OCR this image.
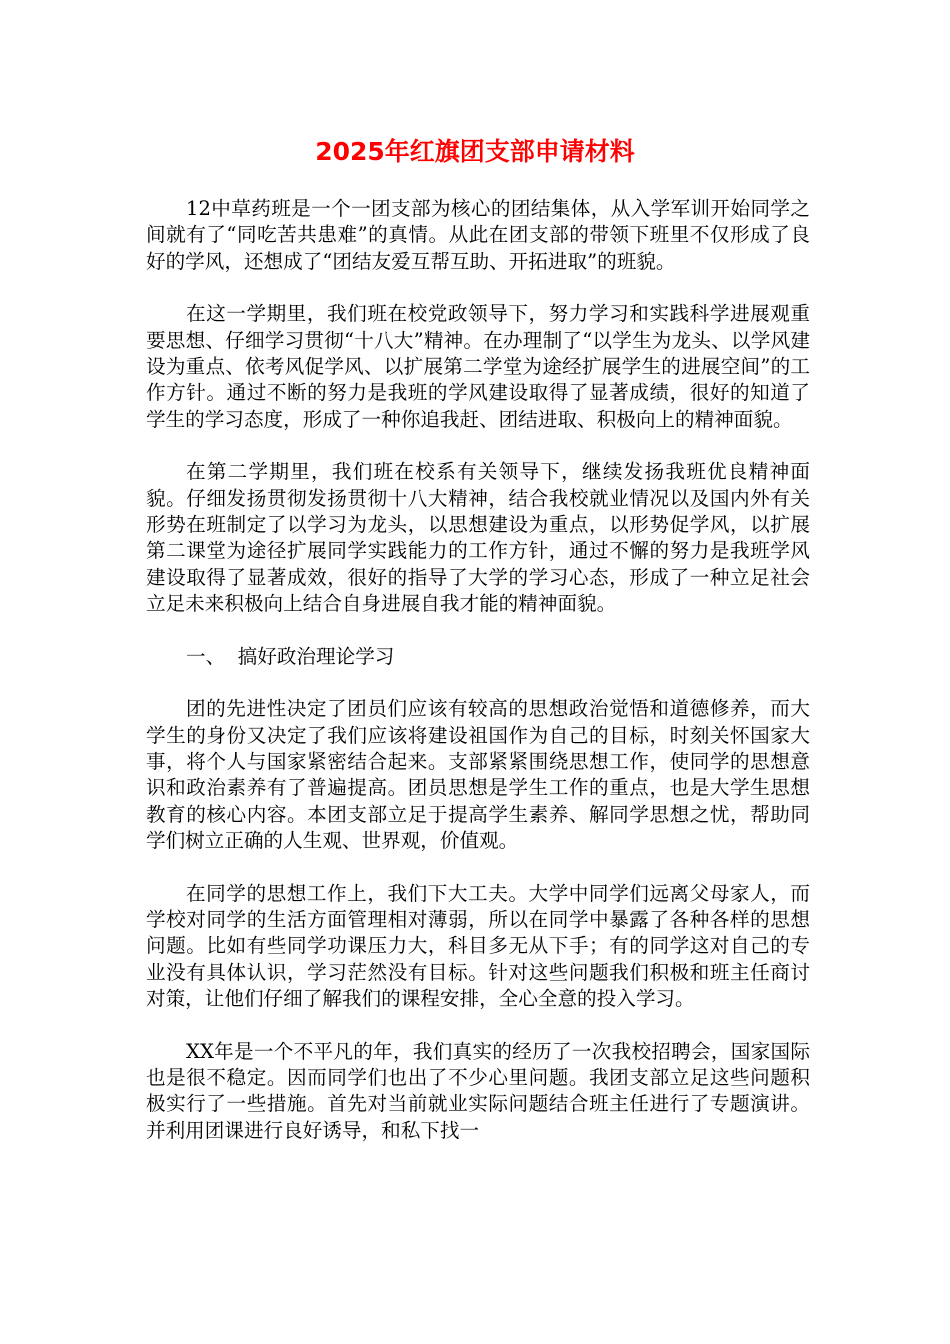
2025年红旗团支部申请材料

12中草药班是一个一团支部为核心的团结集体，从入学军训开始同学之间就有了“同吃苦共患难”的真情。从此在团支部的带领下班里不仅形成了良好的学风，还想成了“团结友爱互帮互助、开拓进取”的班貌。

在这一学期里，我们班在校党政领导下，努力学习和实践科学进展观重要思想、仔细学习贯彻“十八大”精神。在办理制了“以学生为龙头、以学风建设为重点、依考风促学风、以扩展第二学堂为途经扩展学生的进展空间”的工作方针。通过不断的努力是我班的学风建设取得了显著成绩，很好的知道了学生的学习态度，形成了一种你追我赶、团结进取、积极向上的精神面貌。

在第二学期里，我们班在校系有关领导下，继续发扬我班优良精神面貌。仔细发扬贯彻发扬贯彻十八大精神，结合我校就业情况以及国内外有关形势在班制定了以学习为龙头，以思想建设为重点，以形势促学风，以扩展第二课堂为途径扩展同学实践能力的工作方针，通过不懈的努力是我班学风建设取得了显著成效，很好的指导了大学的学习心态，形成了一种立足社会立足未来积极向上结合自身进展自我才能的精神面貌。

一、  搞好政治理论学习

团的先进性决定了团员们应该有较高的思想政治觉悟和道德修养，而大学生的身份又决定了我们应该将建设祖国作为自己的目标，时刻关怀国家大事，将个人与国家紧密结合起来。支部紧紧围绕思想工作，使同学的思想意识和政治素养有了普遍提高。团员思想是学生工作的重点，也是大学生思想教育的核心内容。本团支部立足于提高学生素养、解同学思想之忧，帮助同学们树立正确的人生观、世界观，价值观。

在同学的思想工作上，我们下大工夫。大学中同学们远离父母家人，而学校对同学的生活方面管理相对薄弱，所以在同学中暴露了各种各样的思想问题。比如有些同学功课压力大，科目多无从下手；有的同学这对自己的专业没有具体认识，学习茫然没有目标。针对这些问题我们积极和班主任商讨对策，让他们仔细了解我们的课程安排，全心全意的投入学习。

XX年是一个不平凡的年，我们真实的经历了一次我校招聘会，国家国际也是很不稳定。因而同学们也出了不少心里问题。我团支部立足这些问题积极实行了一些措施。首先对当前就业实际问题结合班主任进行了专题演讲。并利用团课进行良好诱导，和私下找一
